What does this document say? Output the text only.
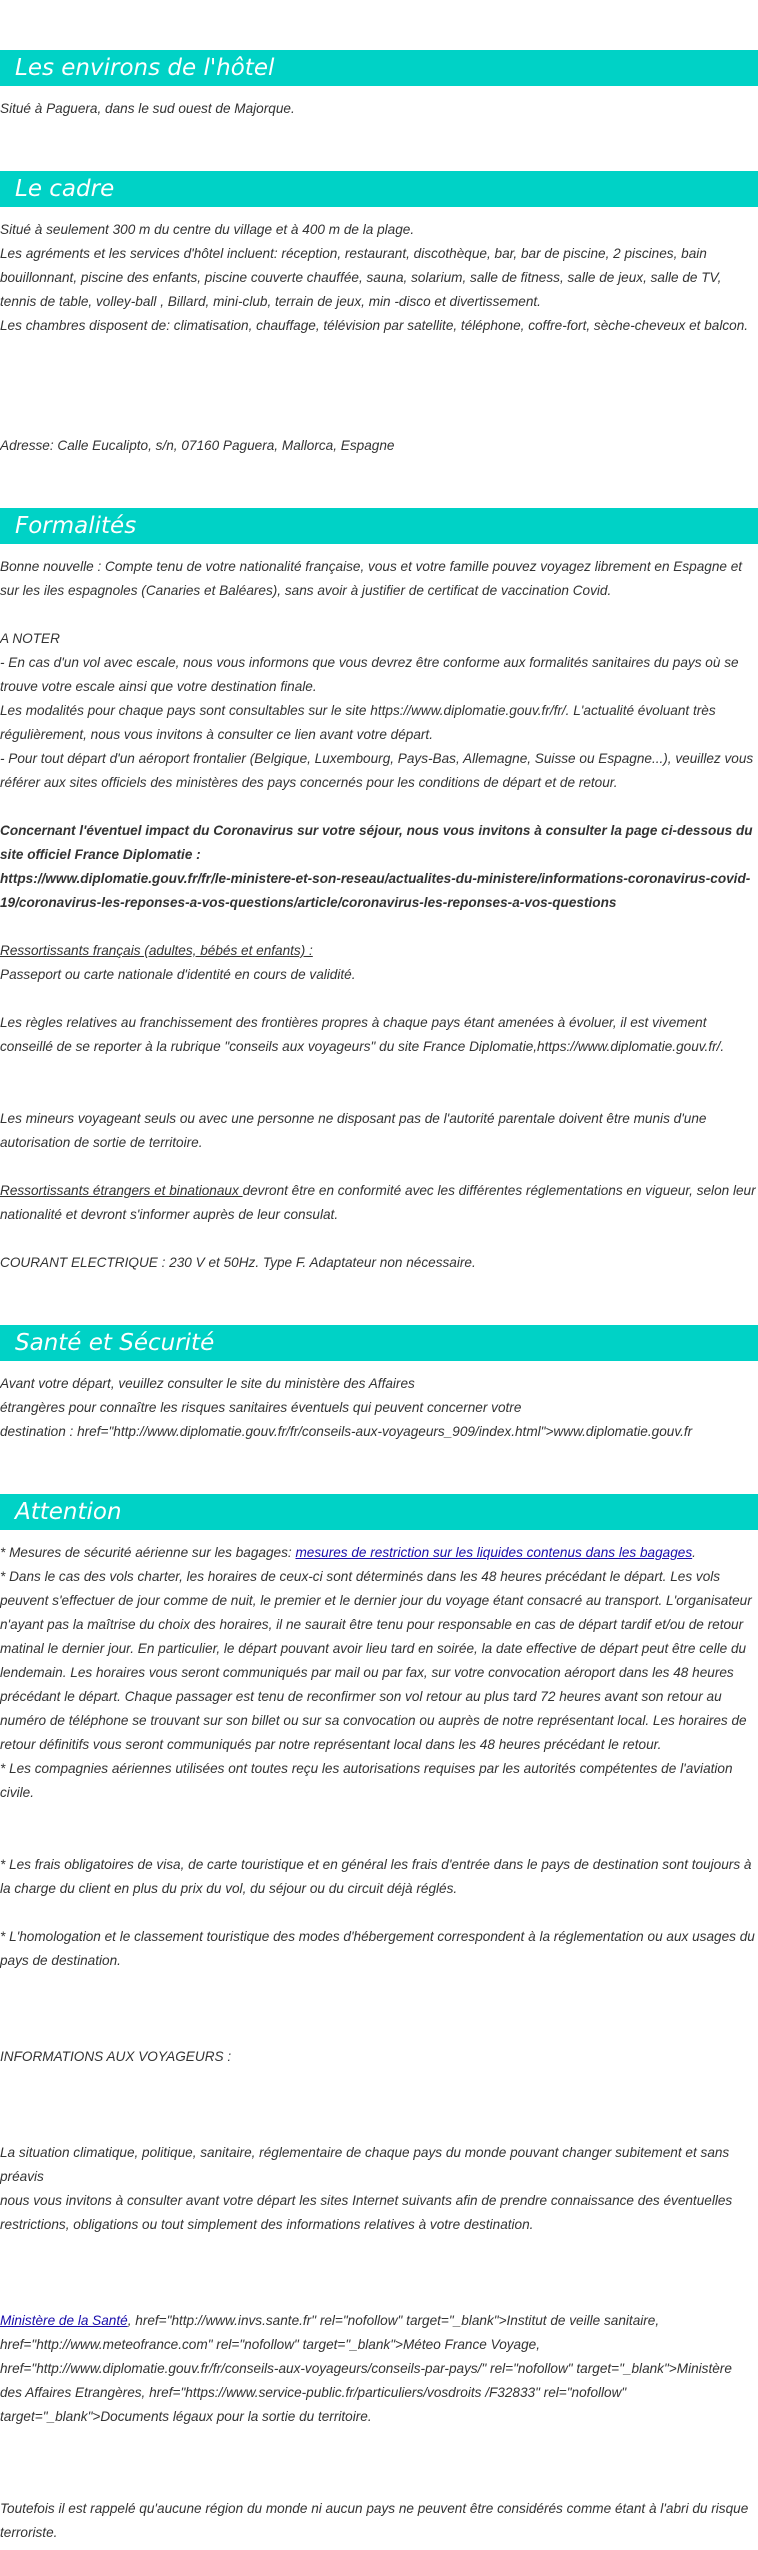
Les environs de l'hôtel

Situé à Paguera, dans le sud ouest de Majorque.

Le cadre

Situé à seulement 300 m du centre du village et à 400 m de la plage.

Les agréments et les services d'hôtel incluent: réception, restaurant, discothèque, bar, bar de piscine, 2 piscines, bain bouillonnant, piscine des enfants, piscine couverte chauffée, sauna, solarium, salle de fitness, salle de jeux, salle de TV, tennis de table, volley-ball , Billard, mini-club, terrain de jeux, min -disco et divertissement.

Les chambres disposent de: climatisation, chauffage, télévision par satellite, téléphone, coffre-fort, sèche-cheveux et balcon.

Adresse: Calle Eucalipto, s/n, 07160 Paguera, Mallorca, Espagne

Formalités

Bonne nouvelle : Compte tenu de votre nationalité française, vous et votre famille pouvez voyagez librement en Espagne et sur les iles espagnoles (Canaries et Baléares), sans avoir à justifier de certificat de vaccination Covid.

A NOTER
- En cas d'un vol avec escale, nous vous informons que vous devrez être conforme aux formalités sanitaires du pays où se trouve votre escale ainsi que votre destination finale.
Les modalités pour chaque pays sont consultables sur le site https://www.diplomatie.gouv.fr/fr/. L'actualité évoluant très régulièrement, nous vous invitons à consulter ce lien avant votre départ.
- Pour tout départ d'un aéroport frontalier (Belgique, Luxembourg, Pays-Bas, Allemagne, Suisse ou Espagne...), veuillez vous référer aux sites officiels des ministères des pays concernés pour les conditions de départ et de retour.
Concernant l'éventuel impact du Coronavirus sur votre séjour, nous vous invitons à consulter la page ci-dessous du site officiel France Diplomatie :
https://www.diplomatie.gouv.fr/fr/le-ministere-et-son-reseau/actualites-du-ministere/informations-coronavirus-covid-19/coronavirus-les-reponses-a-vos-questions/article/coronavirus-les-reponses-a-vos-questions

Ressortissants français (adultes, bébés et enfants) :

Passeport ou carte nationale d'identité en cours de validité.

Les règles relatives au franchissement des frontières propres à chaque pays étant amenées à évoluer, il est vivement conseillé de se reporter à la rubrique "conseils aux voyageurs" du site France Diplomatie,https://www.diplomatie.gouv.fr/.

Les mineurs voyageant seuls ou avec une personne ne disposant pas de l'autorité parentale doivent être munis d'une autorisation de sortie de territoire.

Ressortissants étrangers et binationaux devront être en conformité avec les différentes réglementations en vigueur, selon leur nationalité et devront s'informer auprès de leur consulat.

COURANT ELECTRIQUE : 230 V et 50Hz. Type F. Adaptateur non nécessaire.

Santé et Sécurité
Avant votre départ, veuillez consulter le site du ministère des Affaires
étrangères pour connaître les risques sanitaires éventuels qui peuvent concerner votre
destination : href="http://www.diplomatie.gouv.fr/fr/conseils-aux-voyageurs_909/index.html">www.diplomatie.gouv.fr
Attention

* Mesures de sécurité aérienne sur les bagages: mesures de restriction sur les liquides contenus dans les bagages.

* Dans le cas des vols charter, les horaires de ceux-ci sont déterminés dans les 48 heures précédant le départ. Les vols peuvent s'effectuer de jour comme de nuit, le premier et le dernier jour du voyage étant consacré au transport. L'organisateur n'ayant pas la maîtrise du choix des horaires, il ne saurait être tenu pour responsable en cas de départ tardif et/ou de retour matinal le dernier jour. En particulier, le départ pouvant avoir lieu tard en soirée, la date effective de départ peut être celle du lendemain. Les horaires vous seront communiqués par mail ou par fax, sur votre convocation aéroport dans les 48 heures précédant le départ. Chaque passager est tenu de reconfirmer son vol retour au plus tard 72 heures avant son retour au numéro de téléphone se trouvant sur son billet ou sur sa convocation ou auprès de notre représentant local. Les horaires de retour définitifs vous seront communiqués par notre représentant local dans les 48 heures précédant le retour.
* Les compagnies aériennes utilisées ont toutes reçu les autorisations requises par les autorités compétentes de l'aviation civile.

* Les frais obligatoires de visa, de carte touristique et en général les frais d'entrée dans le pays de destination sont toujours à la charge du client en plus du prix du vol, du séjour ou du circuit déjà réglés.

* L'homologation et le classement touristique des modes d'hébergement correspondent à la réglementation ou aux usages du pays de destination.

INFORMATIONS AUX VOYAGEURS :

La situation climatique, politique, sanitaire, réglementaire de chaque pays du monde pouvant changer subitement et sans préavis
nous vous invitons à consulter avant votre départ les sites Internet suivants afin de prendre connaissance des éventuelles restrictions, obligations ou tout simplement des informations relatives à votre destination.

Ministère de la Santé, href="http://www.invs.sante.fr" rel="nofollow" target="_blank">Institut de veille sanitaire, href="http://www.meteofrance.com" rel="nofollow" target="_blank">Méteo France Voyage, href="http://www.diplomatie.gouv.fr/fr/conseils-aux-voyageurs/conseils-par-pays/" rel="nofollow" target="_blank">Ministère des Affaires Etrangères, href="https://www.service-public.fr/particuliers/vosdroits /F32833" rel="nofollow" target="_blank">Documents légaux pour la sortie du territoire.

Toutefois il est rappelé qu'aucune région du monde ni aucun pays ne peuvent être considérés comme étant à l'abri du risque terroriste.
